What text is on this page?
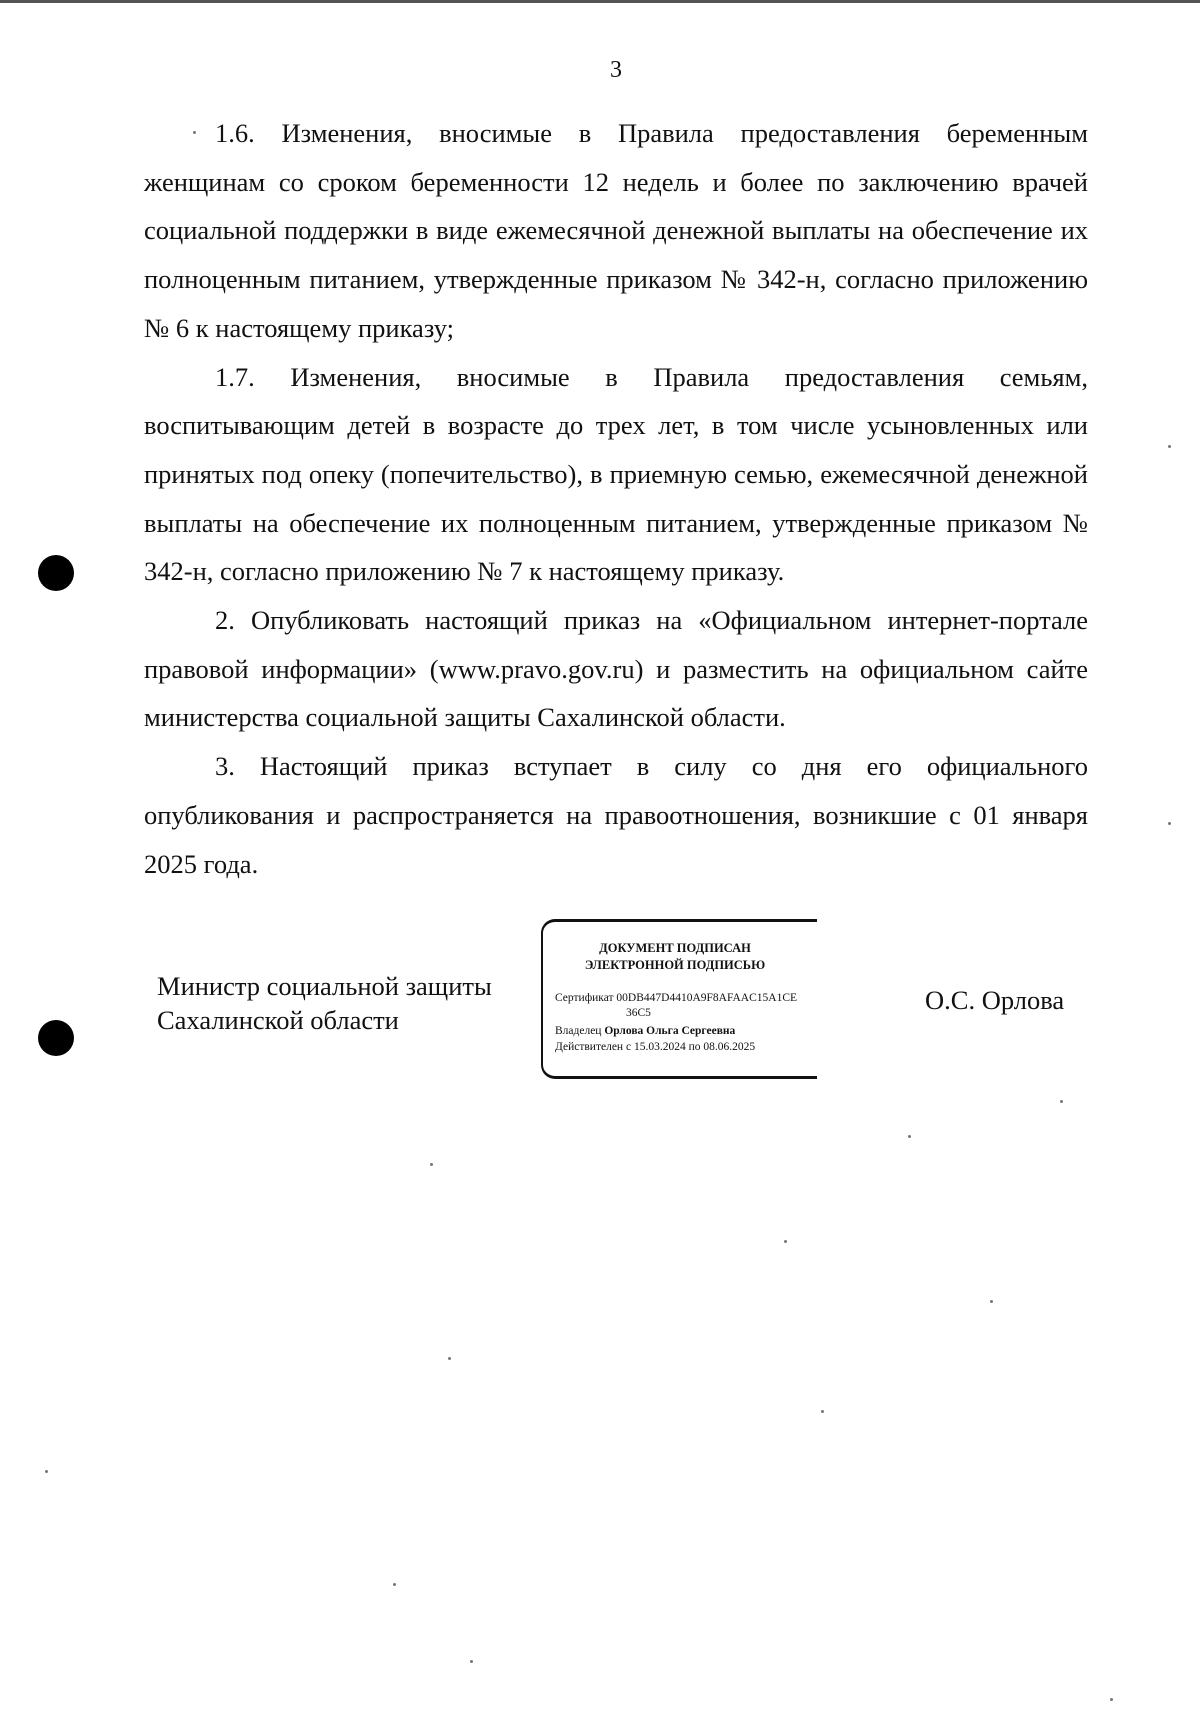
3

1.6. Изменения, вносимые в Правила предоставления беременным женщинам со сроком беременности 12 недель и более по заключению врачей социальной поддержки в виде ежемесячной денежной выплаты на обеспечение их полноценным питанием, утвержденные приказом № 342-н, согласно приложению № 6 к настоящему приказу;

1.7. Изменения, вносимые в Правила предоставления семьям, воспитывающим детей в возрасте до трех лет, в том числе усыновленных или принятых под опеку (попечительство), в приемную семью, ежемесячной денежной выплаты на обеспечение их полноценным питанием, утвержденные приказом № 342-н, согласно приложению № 7 к настоящему приказу.

2. Опубликовать настоящий приказ на «Официальном интернет-портале правовой информации» (www.pravo.gov.ru) и разместить на официальном сайте министерства социальной защиты Сахалинской области.

3. Настоящий приказ вступает в силу со дня его официального опубликования и распространяется на правоотношения, возникшие с 01 января 2025 года.

Министр социальной защиты
Сахалинской области
ДОКУМЕНТ ПОДПИСАН
ЭЛЕКТРОННОЙ ПОДПИСЬЮ
Сертификат 00DB447D4410A9F8AFAAC15A1CE
36C5
Владелец Орлова Ольга Сергеевна
Действителен с 15.03.2024 по 08.06.2025
О.С. Орлова
